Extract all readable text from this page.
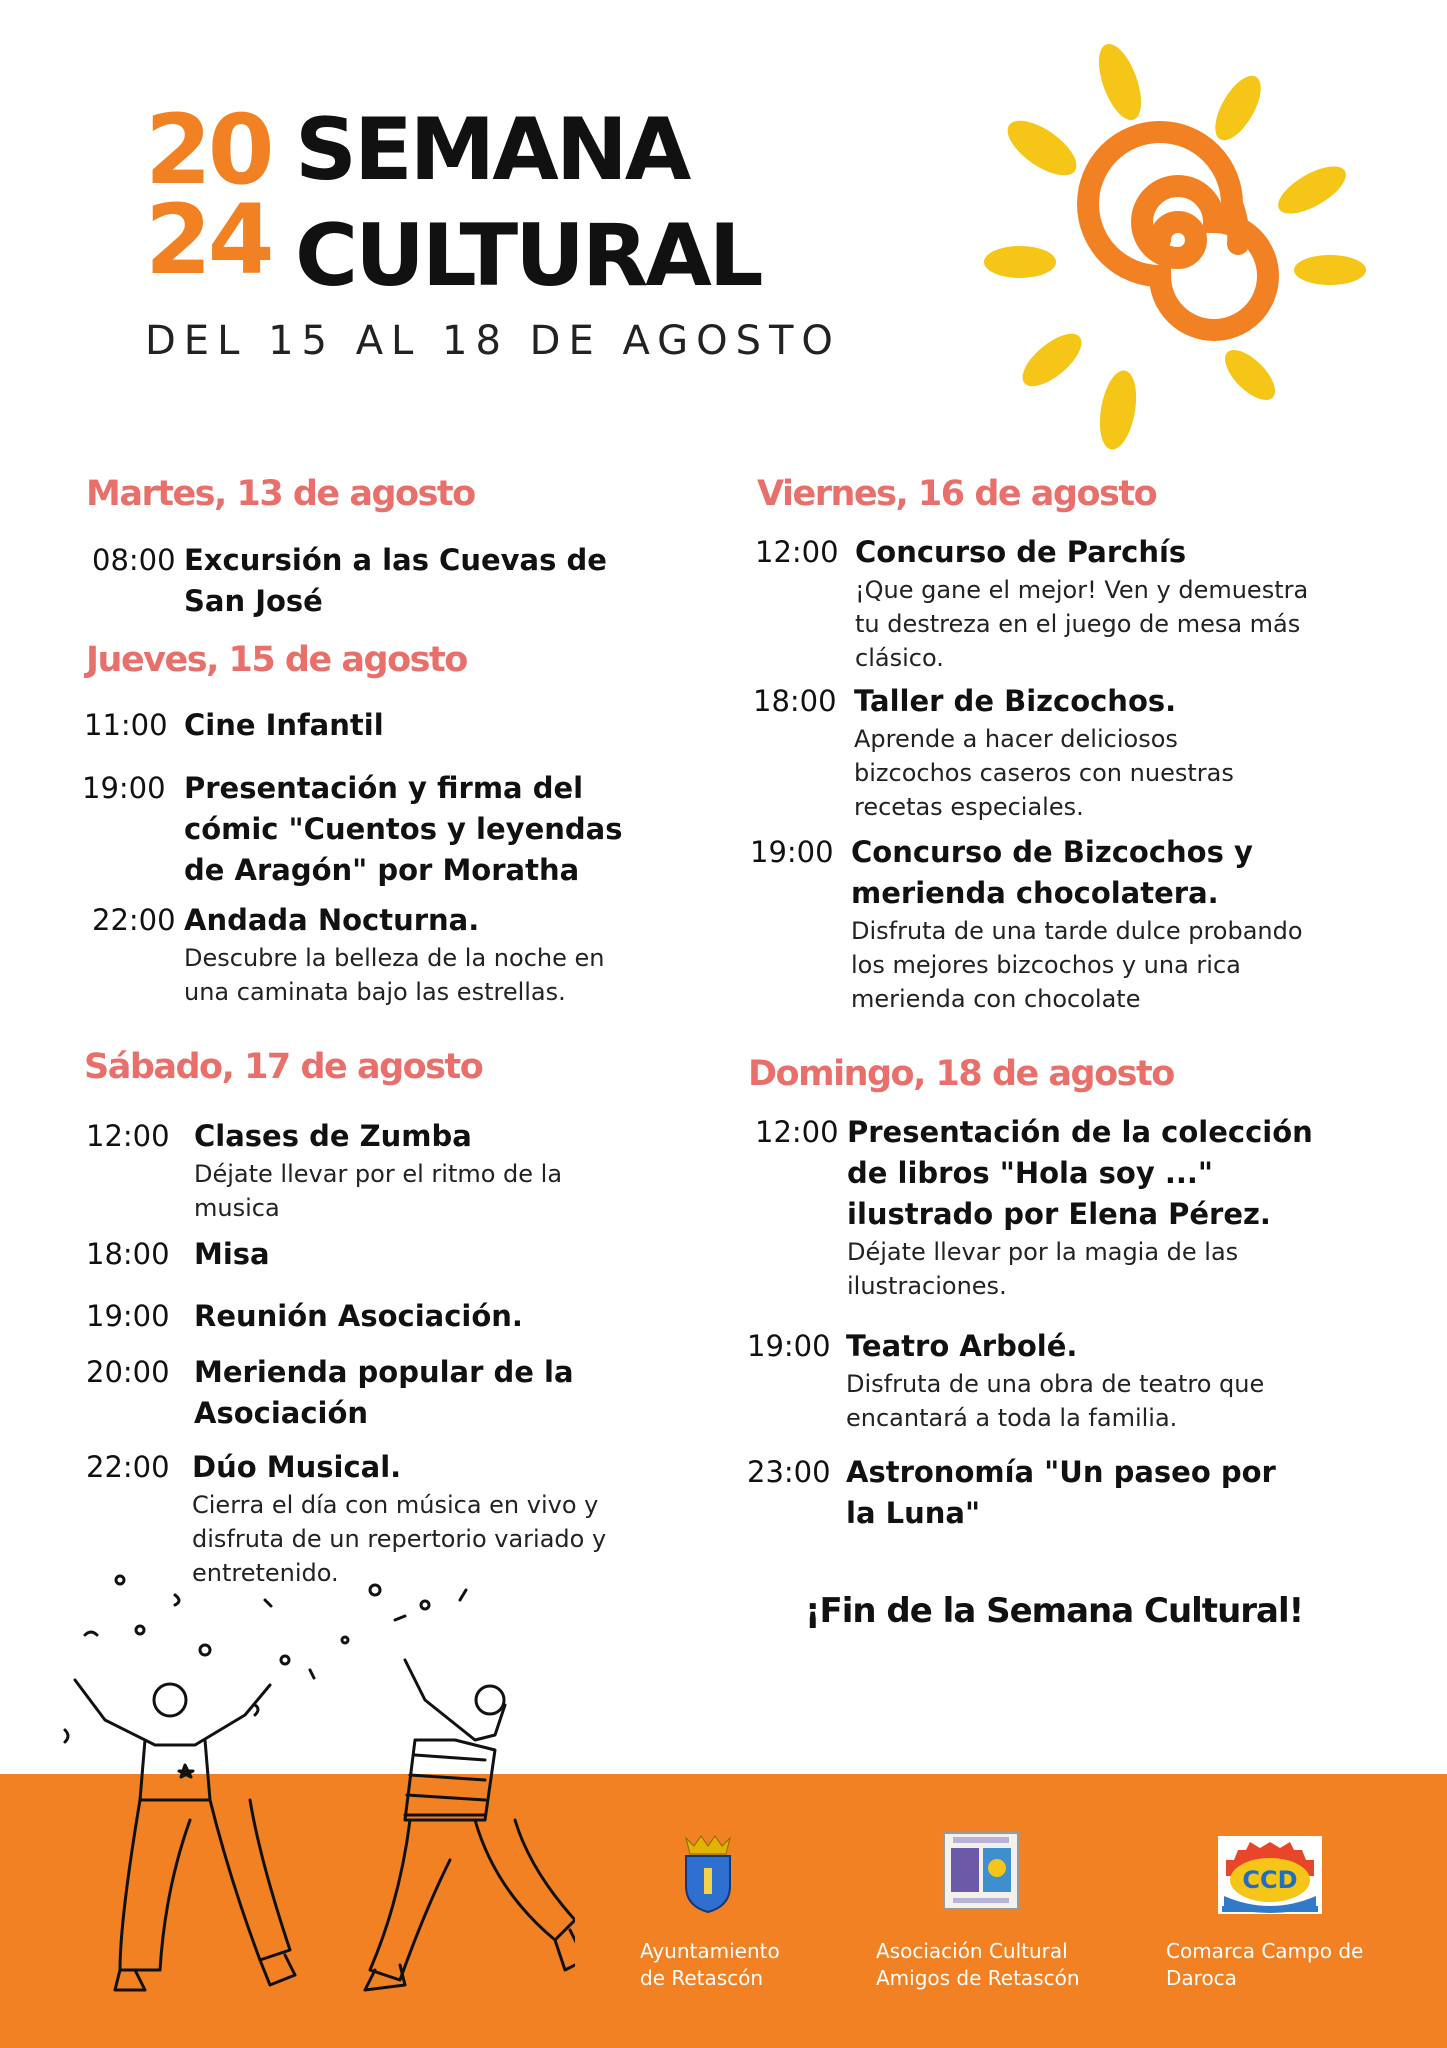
20
24
SEMANA
CULTURAL
DEL 15 AL 18 DE AGOSTO
Martes, 13 de agosto
08:00 Excursión a las Cuevas de San José
Jueves, 15 de agosto
11:00 Cine Infantil
19:00 Presentación y firma del cómic "Cuentos y leyendas de Aragón" por Moratha
22:00 Andada Nocturna.
Descubre la belleza de la noche en una caminata bajo las estrellas.
Sábado, 17 de agosto
12:00 Clases de Zumba
Déjate llevar por el ritmo de la musica
18:00 Misa
19:00 Reunión Asociación.
20:00 Merienda popular de la Asociación
22:00 Dúo Musical.
Cierra el día con música en vivo y disfruta de un repertorio variado y entretenido.
Viernes, 16 de agosto
12:00 Concurso de Parchís
¡Que gane el mejor! Ven y demuestra tu destreza en el juego de mesa más clásico.
18:00 Taller de Bizcochos.
Aprende a hacer deliciosos bizcochos caseros con nuestras recetas especiales.
19:00 Concurso de Bizcochos y merienda chocolatera.
Disfruta de una tarde dulce probando los mejores bizcochos y una rica merienda con chocolate
Domingo, 18 de agosto
12:00 Presentación de la colección de libros "Hola soy ..." ilustrado por Elena Pérez.
Déjate llevar por la magia de las ilustraciones.
19:00 Teatro Arbolé.
Disfruta de una obra de teatro que encantará a toda la familia.
23:00 Astronomía "Un paseo por la Luna"
¡Fin de la Semana Cultural!
Ayuntamiento
de Retascón
Asociación Cultural
Amigos de Retascón
CCD
Comarca Campo de
Daroca
